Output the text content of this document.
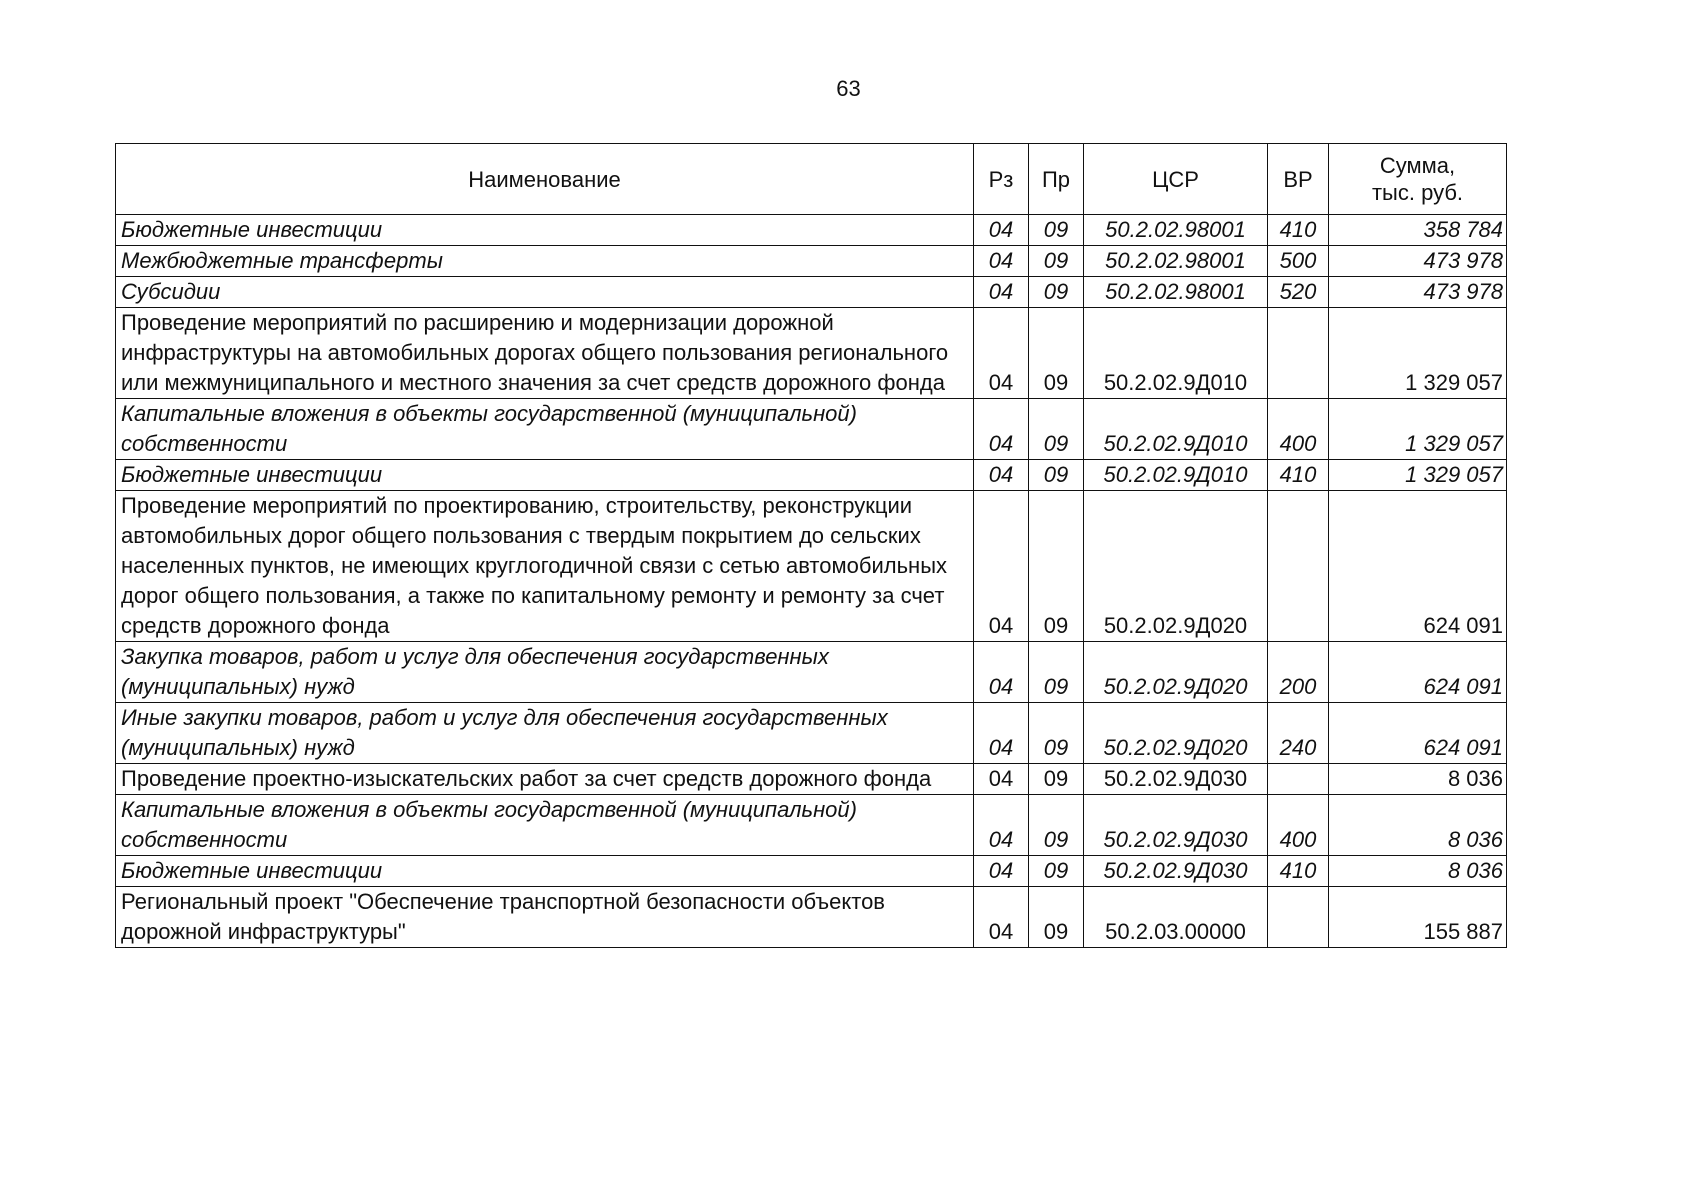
63
Наименование	Рз	Пр	ЦСР	ВР	Сумма,
тыс. руб.
Бюджетные инвестиции	04	09	50.2.02.98001	410	358 784
Межбюджетные трансферты	04	09	50.2.02.98001	500	473 978
Субсидии	04	09	50.2.02.98001	520	473 978
Проведение мероприятий по расширению и модернизации дорожной инфраструктуры на автомобильных дорогах общего пользования регионального или межмуниципального и местного значения за счет средств дорожного фонда	04	09	50.2.02.9Д010		1 329 057
Капитальные вложения в объекты государственной (муниципальной) собственности	04	09	50.2.02.9Д010	400	1 329 057
Бюджетные инвестиции	04	09	50.2.02.9Д010	410	1 329 057
Проведение мероприятий по проектированию, строительству, реконструкции автомобильных дорог общего пользования с твердым покрытием до сельских населенных пунктов, не имеющих круглогодичной связи с сетью автомобильных дорог общего пользования, а также по капитальному ремонту и ремонту за счет средств дорожного фонда	04	09	50.2.02.9Д020		624 091
Закупка товаров, работ и услуг для обеспечения государственных (муниципальных) нужд	04	09	50.2.02.9Д020	200	624 091
Иные закупки товаров, работ и услуг для обеспечения государственных (муниципальных) нужд	04	09	50.2.02.9Д020	240	624 091
Проведение проектно-изыскательских работ за счет средств дорожного фонда	04	09	50.2.02.9Д030		8 036
Капитальные вложения в объекты государственной (муниципальной) собственности	04	09	50.2.02.9Д030	400	8 036
Бюджетные инвестиции	04	09	50.2.02.9Д030	410	8 036
Региональный проект "Обеспечение транспортной безопасности объектов дорожной инфраструктуры"	04	09	50.2.03.00000		155 887
